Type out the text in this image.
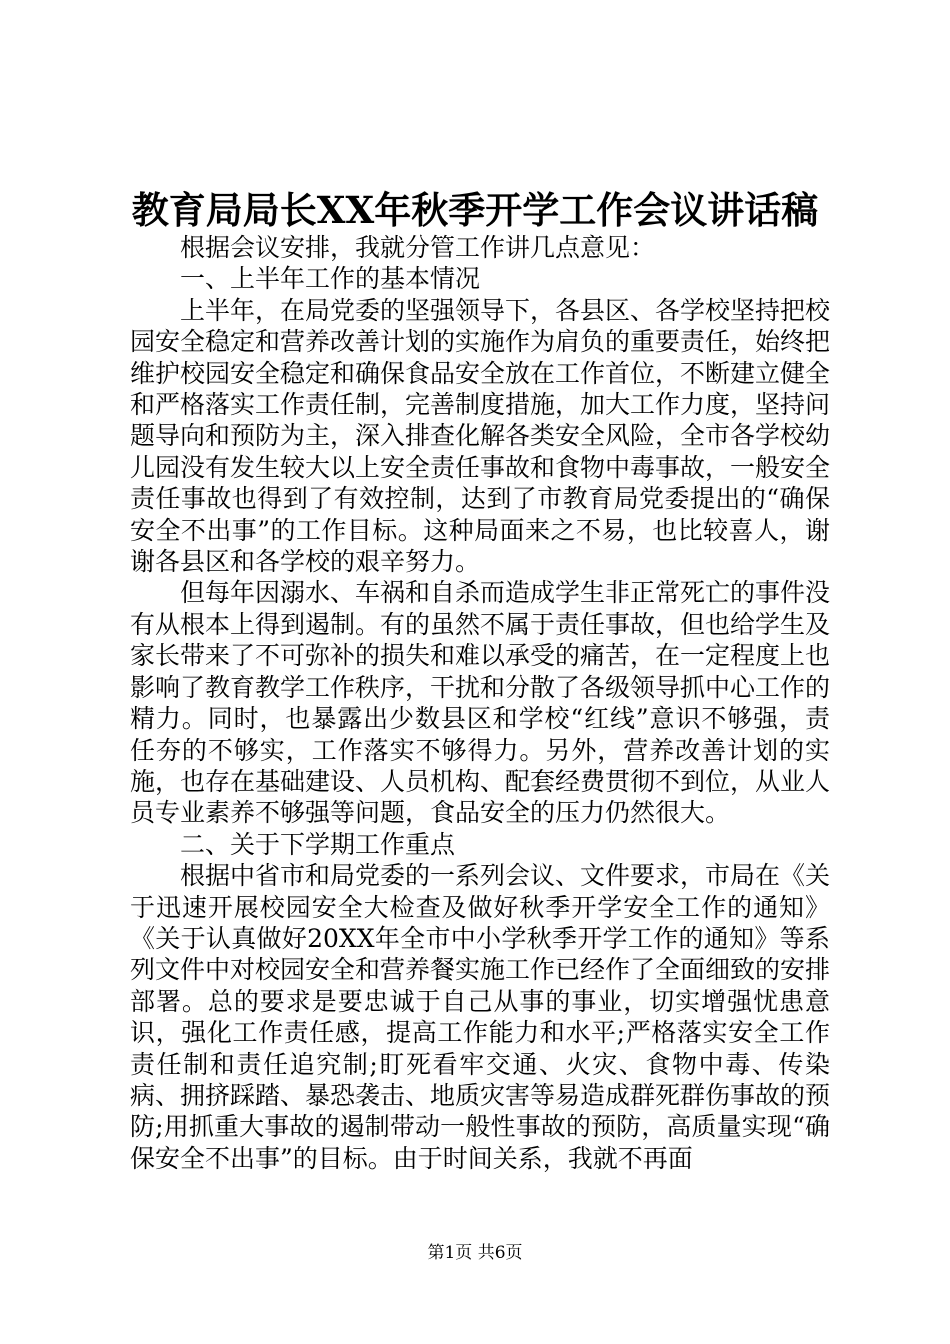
教育局局长XX年秋季开学工作会议讲话稿

根据会议安排，我就分管工作讲几点意见：

一、上半年工作的基本情况

上半年，在局党委的坚强领导下，各县区、各学校坚持把校园安全稳定和营养改善计划的实施作为肩负的重要责任，始终把维护校园安全稳定和确保食品安全放在工作首位，不断建立健全和严格落实工作责任制，完善制度措施，加大工作力度，坚持问题导向和预防为主，深入排查化解各类安全风险，全市各学校幼儿园没有发生较大以上安全责任事故和食物中毒事故，一般安全责任事故也得到了有效控制，达到了市教育局党委提出的“确保安全不出事”的工作目标。这种局面来之不易，也比较喜人，谢谢各县区和各学校的艰辛努力。

但每年因溺水、车祸和自杀而造成学生非正常死亡的事件没有从根本上得到遏制。有的虽然不属于责任事故，但也给学生及家长带来了不可弥补的损失和难以承受的痛苦，在一定程度上也影响了教育教学工作秩序，干扰和分散了各级领导抓中心工作的精力。同时，也暴露出少数县区和学校“红线”意识不够强，责任夯的不够实，工作落实不够得力。另外，营养改善计划的实施，也存在基础建设、人员机构、配套经费贯彻不到位，从业人员专业素养不够强等问题，食品安全的压力仍然很大。

二、关于下学期工作重点

根据中省市和局党委的一系列会议、文件要求，市局在《关于迅速开展校园安全大检查及做好秋季开学安全工作的通知》《关于认真做好20XX年全市中小学秋季开学工作的通知》等系列文件中对校园安全和营养餐实施工作已经作了全面细致的安排部署。总的要求是要忠诚于自己从事的事业，切实增强忧患意识，强化工作责任感，提高工作能力和水平;严格落实安全工作责任制和责任追究制;盯死看牢交通、火灾、食物中毒、传染病、拥挤踩踏、暴恐袭击、地质灾害等易造成群死群伤事故的预防;用抓重大事故的遏制带动一般性事故的预防，高质量实现“确保安全不出事”的目标。由于时间关系，我就不再面

第1页 共6页
